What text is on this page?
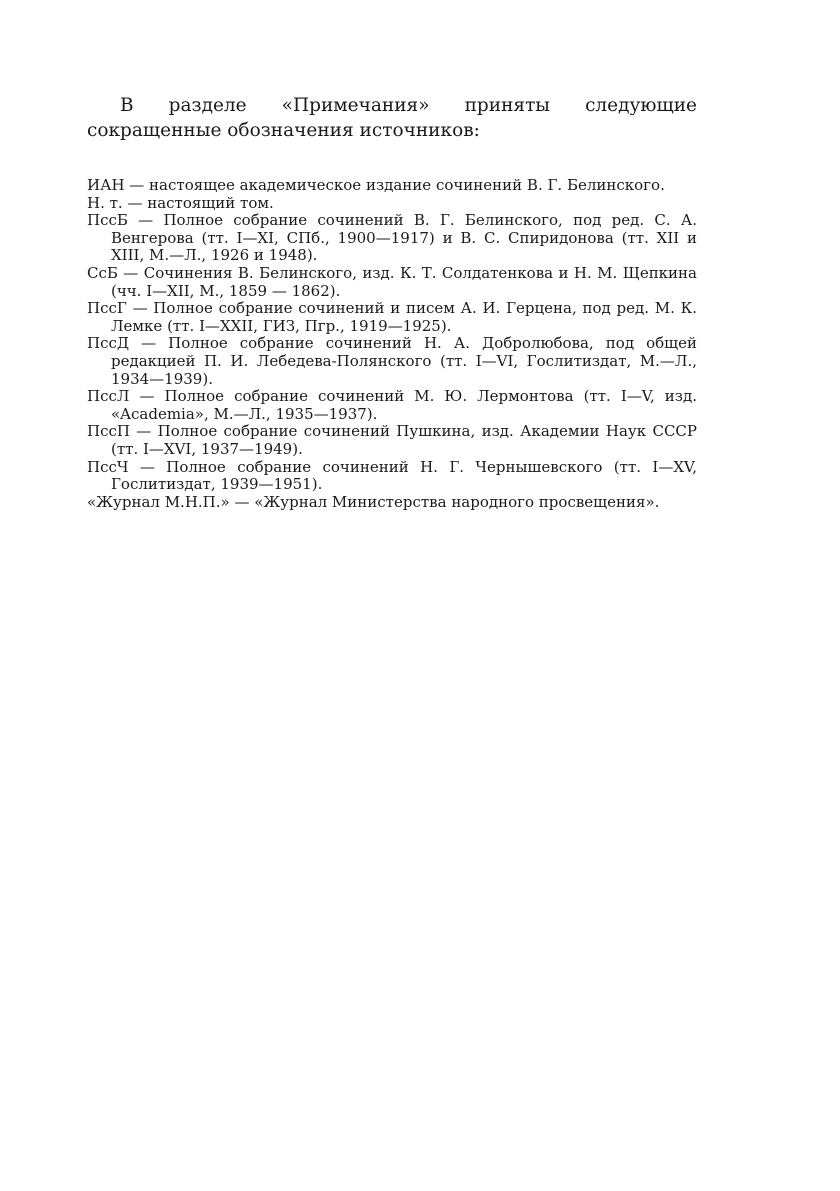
В разделе «Примечания» приняты следующие сокращенные обозначения источников:

ИАН — настоящее академическое издание сочинений В. Г. Белинского.
Н. т. — настоящий том.
ПссБ — Полное собрание сочинений В. Г. Белинского, под ред. С. А. Венгерова (тт. I—XI, СПб., 1900—1917) и В. С. Спиридонова (тт. XII и XIII, М.—Л., 1926 и 1948).
СсБ — Сочинения В. Белинского, изд. К. Т. Солдатенкова и Н. М. Щепкина (чч. I—XII, М., 1859 — 1862).
ПссГ — Полное собрание сочинений и писем А. И. Герцена, под ред. М. К. Лемке (тт. I—XXII, ГИЗ, Пгр., 1919—1925).
ПссД — Полное собрание сочинений Н. А. Добролюбова, под общей редакцией П. И. Лебедева-Полянского (тт. I—VI, Гослитиздат, М.—Л., 1934—1939).
ПссЛ — Полное собрание сочинений М. Ю. Лермонтова (тт. I—V, изд. «Academia», М.—Л., 1935—1937).
ПссП — Полное собрание сочинений Пушкина, изд. Академии Наук СССР (тт. I—XVI, 1937—1949).
ПссЧ — Полное собрание сочинений Н. Г. Чернышевского (тт. I—XV, Гослитиздат, 1939—1951).
«Журнал М.Н.П.» — «Журнал Министерства народного просвещения».
